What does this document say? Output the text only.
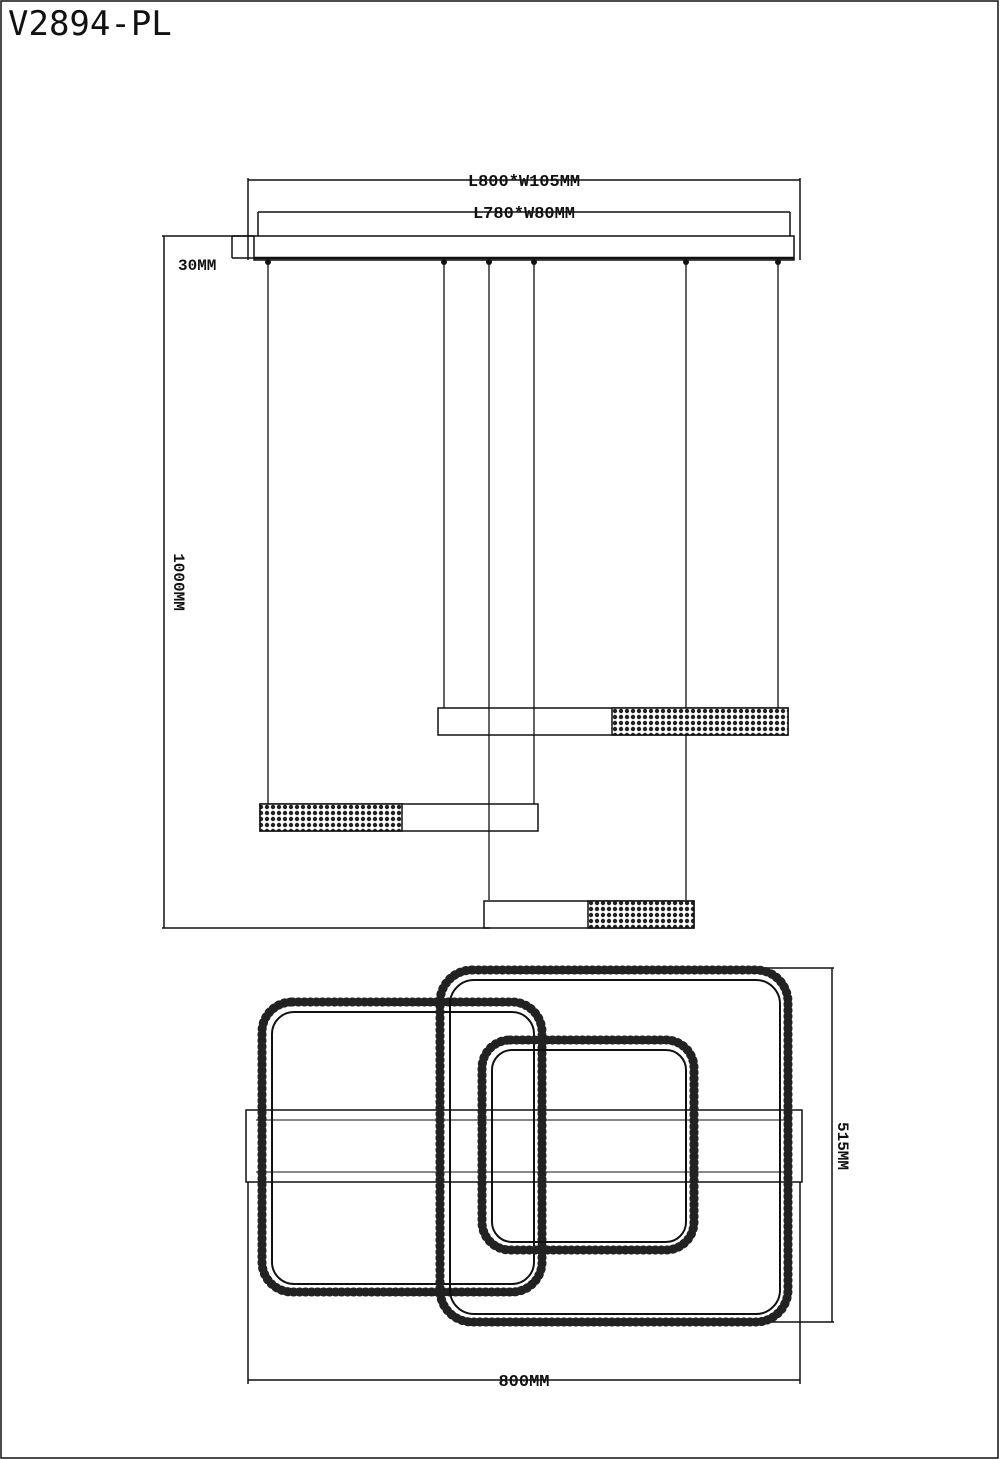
V2894-PL
L800*W105MM
L780*W80MM
30MM
1000MM
515MM
800MM
